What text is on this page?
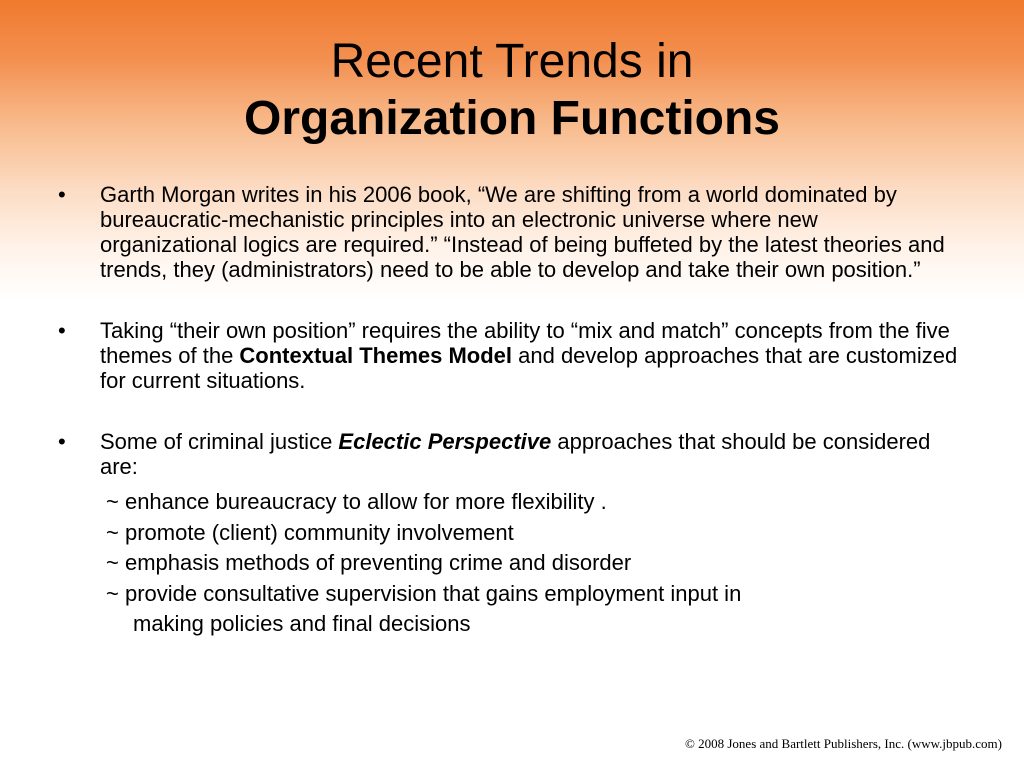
Recent Trends in
Organization Functions
•	Garth Morgan writes in his 2006 book, “We are shifting from a world dominated by bureaucratic-mechanistic principles into an electronic universe where new organizational logics are required.” “Instead of being buffeted by the latest theories and trends, they (administrators) need to be able to develop and take their own position.”
•	Taking “their own position” requires the ability to “mix and match” concepts from the five themes of the Contextual Themes Model and develop approaches that are customized for current situations.
•	Some of criminal justice Eclectic Perspective approaches that should be considered are:
~ enhance bureaucracy to allow for more flexibility .
~ promote (client) community involvement
~ emphasis methods of preventing crime and disorder
~ provide consultative supervision that gains employment input in
making policies and final decisions
© 2008 Jones and Bartlett Publishers, Inc. (www.jbpub.com)
